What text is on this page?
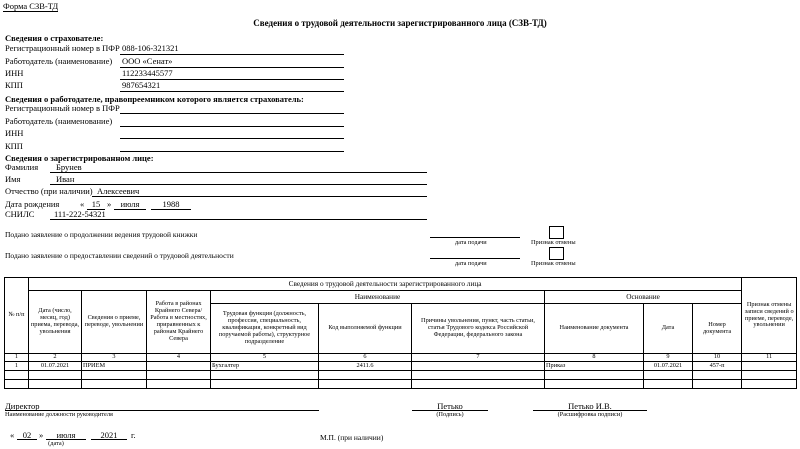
Форма СЗВ-ТД
Сведения о трудовой деятельности зарегистрированного лица (СЗВ-ТД)
Сведения о страхователе:
Регистрационный номер в ПФР 088-106-321321
Работодатель (наименование) ООО «Сенат»
ИНН	112233445577
КПП	987654321
Сведения о работодателе, правопреемником которого является страхователь:
Регистрационный номер в ПФР
Работодатель (наименование)
ИНН
КПП
Сведения о зарегистрированном лице:
Фамилия Брунев
Имя	Иван
Отчество (при наличии) Алексеевич
Дата рождения « 15 »	июля	1988
СНИЛС 111-222-54321
Подано заявление о продолжении ведения трудовой книжки
дата подачи	Признак отмены
Подано заявление о предоставлении сведений о трудовой деятельности
дата подачи	Признак отмены
№ п/п	Сведения о трудовой деятельности зарегистрированного лица									Признак отмены записи сведений о приеме, переводе, увольнении
	Дата (число, месяц, год) приема, перевода, увольнения	Сведения о приеме, переводе, увольнении	Работа в районах Крайнего Севера/Работа в местностях, приравненных к районам Крайнего Севера	Наименование			Основание			
				Трудовая функция (должность, профессия, специальность, квалификация, конкретный вид поручаемой работы), структурное подразделение	Код выполняемой функции	Причины увольнения, пункт, часть статьи, статья Трудового кодекса Российской Федерации, федерального закона	Наименование документа	Дата	Номер документа	
1	2	3	4	5	6	7	8	9	10	11
1	01.07.2021	ПРИЕМ		Бухгалтер	2411.6		Приказ	01.07.2021	457-п	

Директор
Наименование должности руководителя
Петько
(Подпись)
Петько И.В.
(Расшифровка подписи)
«	02 »	июля	2021	г.
(дата)
М.П. (при наличии)
